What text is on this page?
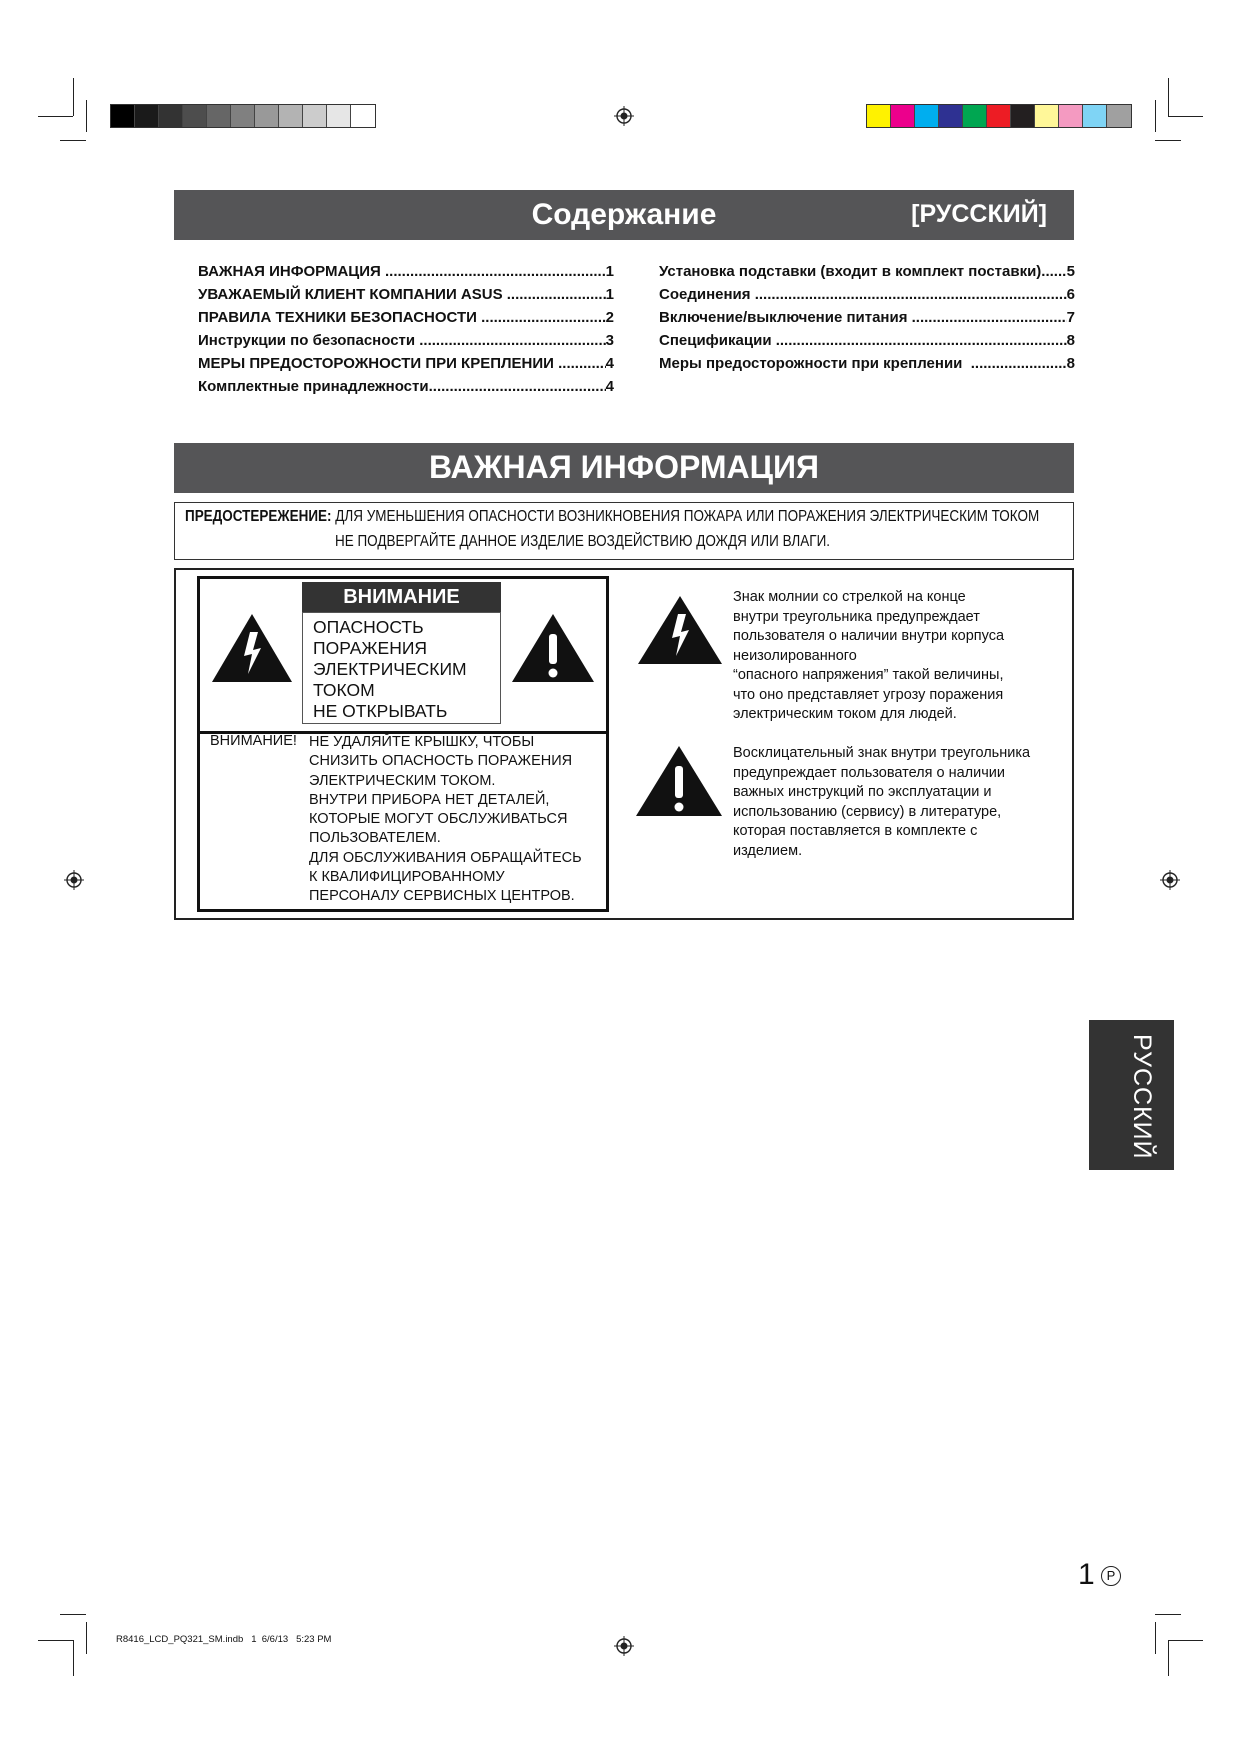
Содержание	[РУССКИЙ]
ВАЖНАЯ ИНФОРМАЦИЯ .....	1
УВАЖАЕМЫЙ КЛИЕНТ КОМПАНИИ ASUS .....	1
ПРАВИЛА ТЕХНИКИ БЕЗОПАСНОСТИ .....	2
Инструкции по безопасности .....	3
МЕРЫ ПРЕДОСТОРОЖНОСТИ ПРИ КРЕПЛЕНИИ .....	4
Комплектные принадлежности .....	4
Установка подставки (входит в комплект поставки) ..... 5
Соединения .....	6
Включение/выключение питания .....	7
Спецификации .....	8
Меры предосторожности при креплении .....	8
ВАЖНАЯ ИНФОРМАЦИЯ
ПРЕДОСТЕРЕЖЕНИЕ: ДЛЯ УМЕНЬШЕНИЯ ОПАСНОСТИ ВОЗНИКНОВЕНИЯ ПОЖАРА ИЛИ ПОРАЖЕНИЯ ЭЛЕКТРИЧЕСКИМ ТОКОМ
НЕ ПОДВЕРГАЙТЕ ДАННОЕ ИЗДЕЛИЕ ВОЗДЕЙСТВИЮ ДОЖДЯ ИЛИ ВЛАГИ.
ВНИМАНИЕ
ОПАСНОСТЬ
ПОРАЖЕНИЯ
ЭЛЕКТРИЧЕСКИМ
ТОКОМ
НЕ ОТКРЫВАТЬ
ВНИМАНИЕ! НЕ УДАЛЯЙТЕ КРЫШКУ, ЧТОБЫ
СНИЗИТЬ ОПАСНОСТЬ ПОРАЖЕНИЯ
ЭЛЕКТРИЧЕСКИМ ТОКОМ.
ВНУТРИ ПРИБОРА НЕТ ДЕТАЛЕЙ,
КОТОРЫЕ МОГУТ ОБСЛУЖИВАТЬСЯ
ПОЛЬЗОВАТЕЛЕМ.
ДЛЯ ОБСЛУЖИВАНИЯ ОБРАЩАЙТЕСЬ
К КВАЛИФИЦИРОВАННОМУ
ПЕРСОНАЛУ СЕРВИСНЫХ ЦЕНТРОВ.
Знак молнии со стрелкой на конце
внутри треугольника предупреждает
пользователя о наличии внутри корпуса
неизолированного
“опасного напряжения” такой величины,
что оно представляет угрозу поражения
электрическим током для людей.
Восклицательный знак внутри треугольника
предупреждает пользователя о наличии
важных инструкций по эксплуатации и
использованию (сервису) в литературе,
которая поставляется в комплекте с
изделием.
РУССКИЙ
1 P
R8416_LCD_PQ321_SM.indb   1  6/6/13   5:23 PM
